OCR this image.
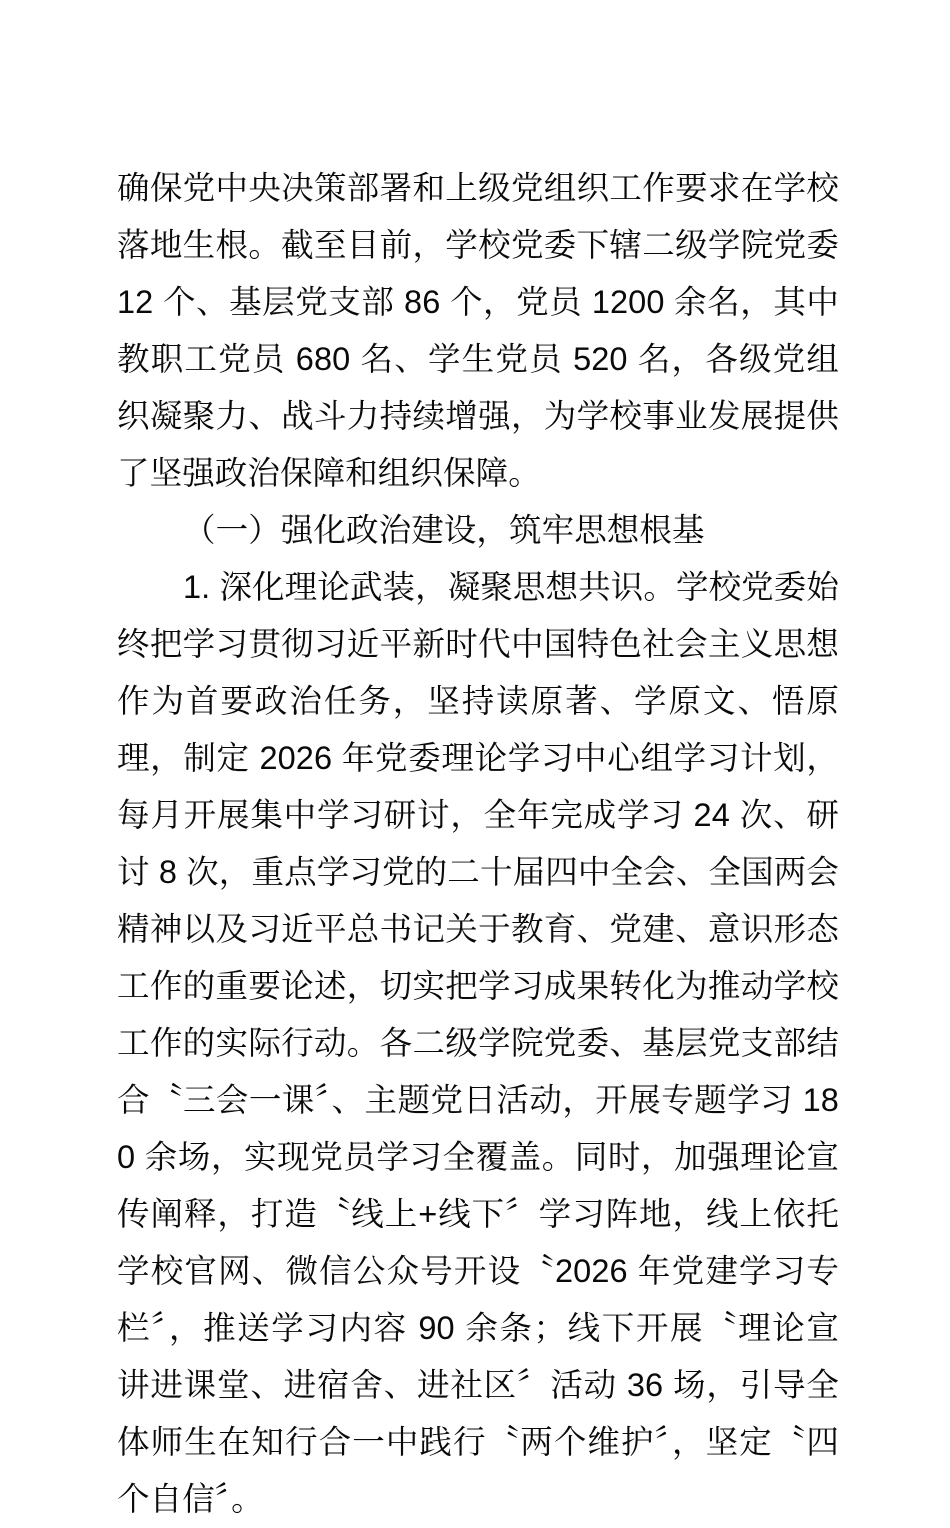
确保党中央决策部署和上级党组织工作要求在学校落地生根。截至目前，学校党委下辖二级学院党委 12 个、基层党支部 86 个，党员 1200 余名，其中教职工党员 680 名、学生党员 520 名，各级党组织凝聚力、战斗力持续增强，为学校事业发展提供了坚强政治保障和组织保障。

（一）强化政治建设，筑牢思想根基

1. 深化理论武装，凝聚思想共识。学校党委始终把学习贯彻习近平新时代中国特色社会主义思想作为首要政治任务，坚持读原著、学原文、悟原理，制定 2026 年党委理论学习中心组学习计划，每月开展集中学习研讨，全年完成学习 24 次、研讨 8 次，重点学习党的二十届四中全会、全国两会精神以及习近平总书记关于教育、党建、意识形态工作的重要论述，切实把学习成果转化为推动学校工作的实际行动。各二级学院党委、基层党支部结合〝三会一课〞、主题党日活动，开展专题学习 180 余场，实现党员学习全覆盖。同时，加强理论宣传阐释，打造〝线上+线下〞学习阵地，线上依托学校官网、微信公众号开设〝2026 年党建学习专栏〞，推送学习内容 90 余条；线下开展〝理论宣讲进课堂、进宿舍、进社区〞活动 36 场，引导全体师生在知行合一中践行〝两个维护〞，坚定〝四个自信〞。
